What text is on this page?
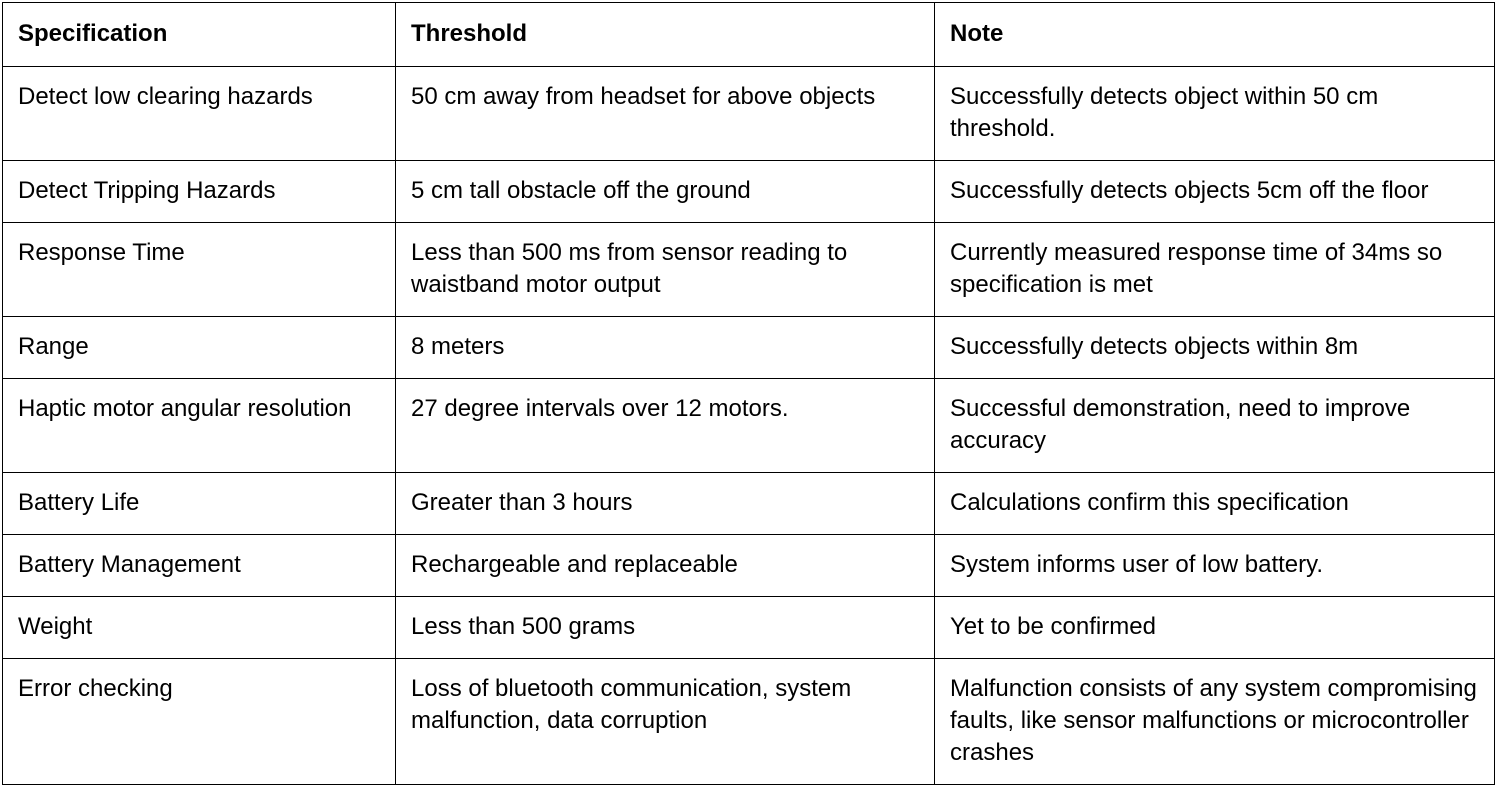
Specification	Threshold	Note
Detect low clearing hazards	50 cm away from headset for above objects	Successfully detects object within 50 cm threshold.
Detect Tripping Hazards	5 cm tall obstacle off the ground	Successfully detects objects 5cm off the floor
Response Time	Less than 500 ms from sensor reading to waistband motor output	Currently measured response time of 34ms so specification is met
Range	8 meters	Successfully detects objects within 8m
Haptic motor angular resolution	27 degree intervals over 12 motors.	Successful demonstration, need to improve accuracy
Battery Life	Greater than 3 hours	Calculations confirm this specification
Battery Management	Rechargeable and replaceable	System informs user of low battery.
Weight	Less than 500 grams	Yet to be confirmed
Error checking	Loss of bluetooth communication, system malfunction, data corruption	Malfunction consists of any system compromising faults, like sensor malfunctions or microcontroller crashes
